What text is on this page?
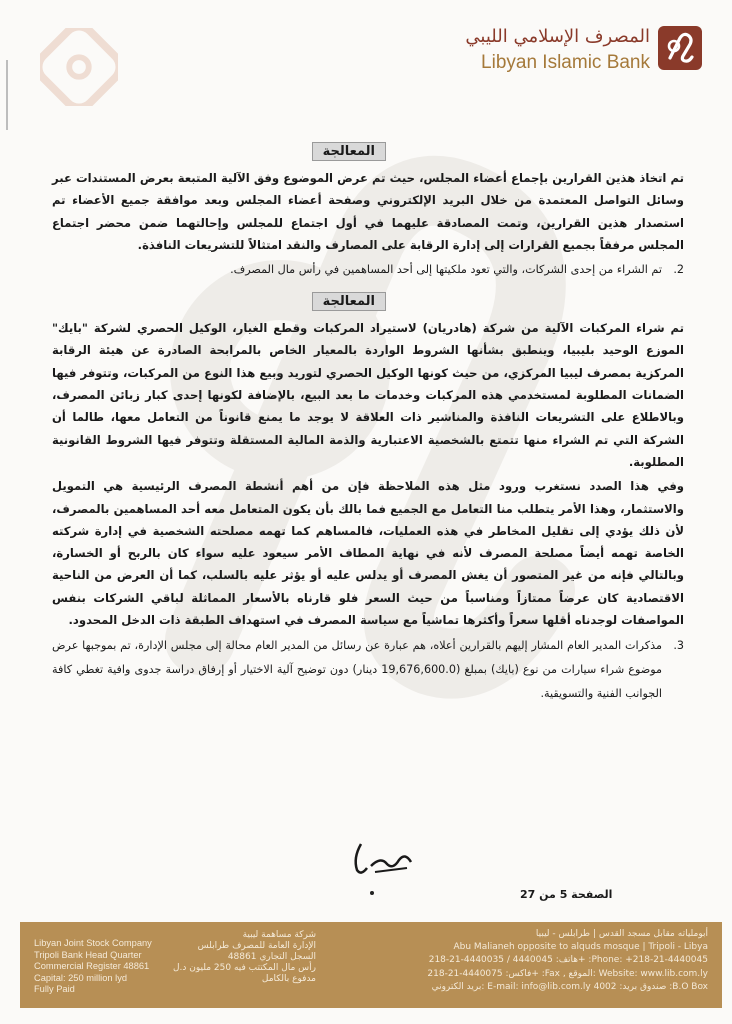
المصرف الإسلامي الليبي
Libyan Islamic Bank
المعالجة

تم اتخاذ هذين القرارين بإجماع أعضاء المجلس، حيث تم عرض الموضوع وفق الآلية المتبعة بعرض المستندات عبر وسائل التواصل المعتمدة من خلال البريد الإلكتروني وصفحة أعضاء المجلس وبعد موافقة جميع الأعضاء تم استصدار هذين القرارين، وتمت المصادقة عليهما في أول اجتماع للمجلس وإحالتهما ضمن محضر اجتماع المجلس مرفقاً بجميع القرارات إلى إدارة الرقابة على المصارف والنقد امتثالاً للتشريعات النافذة.

2.
تم الشراء من إحدى الشركات، والتي تعود ملكيتها إلى أحد المساهمين في رأس مال المصرف.
المعالجة

تم شراء المركبات الآلية من شركة (هادريان) لاستيراد المركبات وقطع الغيار، الوكيل الحصري لشركة "بايك" الموزع الوحيد بليبيا، وينطبق بشأنها الشروط الواردة بالمعيار الخاص بالمرابحة الصادرة عن هيئة الرقابة المركزية بمصرف ليبيا المركزي، من حيث كونها الوكيل الحصري لتوريد وبيع هذا النوع من المركبات، وتتوفر فيها الضمانات المطلوبة لمستخدمي هذه المركبات وخدمات ما بعد البيع، بالإضافة لكونها إحدى كبار زبائن المصرف، وبالاطلاع على التشريعات النافذة والمناشير ذات العلاقة لا يوجد ما يمنع قانوناً من التعامل معها، طالما أن الشركة التي تم الشراء منها تتمتع بالشخصية الاعتبارية والذمة المالية المستقلة وتتوفر فيها الشروط القانونية المطلوبة.

وفي هذا الصدد نستغرب ورود مثل هذه الملاحظة فإن من أهم أنشطة المصرف الرئيسية هي التمويل والاستثمار، وهذا الأمر يتطلب منا التعامل مع الجميع فما بالك بأن يكون المتعامل معه أحد المساهمين بالمصرف، لأن ذلك يؤدي إلى تقليل المخاطر في هذه العمليات، فالمساهم كما تهمه مصلحته الشخصية في إدارة شركته الخاصة تهمه أيضاً مصلحة المصرف لأنه في نهاية المطاف الأمر سيعود عليه سواء كان بالربح أو الخسارة، وبالتالي فإنه من غير المتصور أن يغش المصرف أو يدلس عليه أو يؤثر عليه بالسلب، كما أن العرض من الناحية الاقتصادية كان عرضاً ممتازاً ومناسباً من حيث السعر فلو قارناه بالأسعار المماثلة لباقي الشركات بنفس المواصفات لوجدناه أقلها سعراً وأكثرها تماشياً مع سياسة المصرف في استهداف الطبقة ذات الدخل المحدود.

3.
مذكرات المدير العام المشار إليهم بالقرارين أعلاه، هم عبارة عن رسائل من المدير العام محالة إلى مجلس الإدارة، تم بموجبها عرض موضوع شراء سيارات من نوع (بايك) بمبلغ (19,676,600.0 دينار) دون توضيح آلية الاختيار أو إرفاق دراسة جدوى وافية تغطي كافة الجوانب الفنية والتسويقية.
الصفحة 5 من 27
Libyan Joint Stock Company
Tripoli Bank Head Quarter
Commercial Register 48861
Capital: 250 million lyd
Fully Paid
شركة مساهمة ليبية
الإدارة العامة للمصرف طرابلس
السجل التجاري 48861
رأس مال المكتتب فيه 250 مليون د.ل
مدفوع بالكامل
أبوملياته مقابل مسجد القدس | طرابلس - ليبيا
Abu Malianeh opposite to alquds mosque | Tripoli - Libya
هاتف: 4440045 / 4440035-21-218+ :Phone: +218-21-4440045
فاكس: 4440075-21-218+ :Fax , الموقع: Website: www.lib.com.ly
بريد الكتروني: E-mail: info@lib.com.ly صندوق بريد: 4002 :B.O Box
